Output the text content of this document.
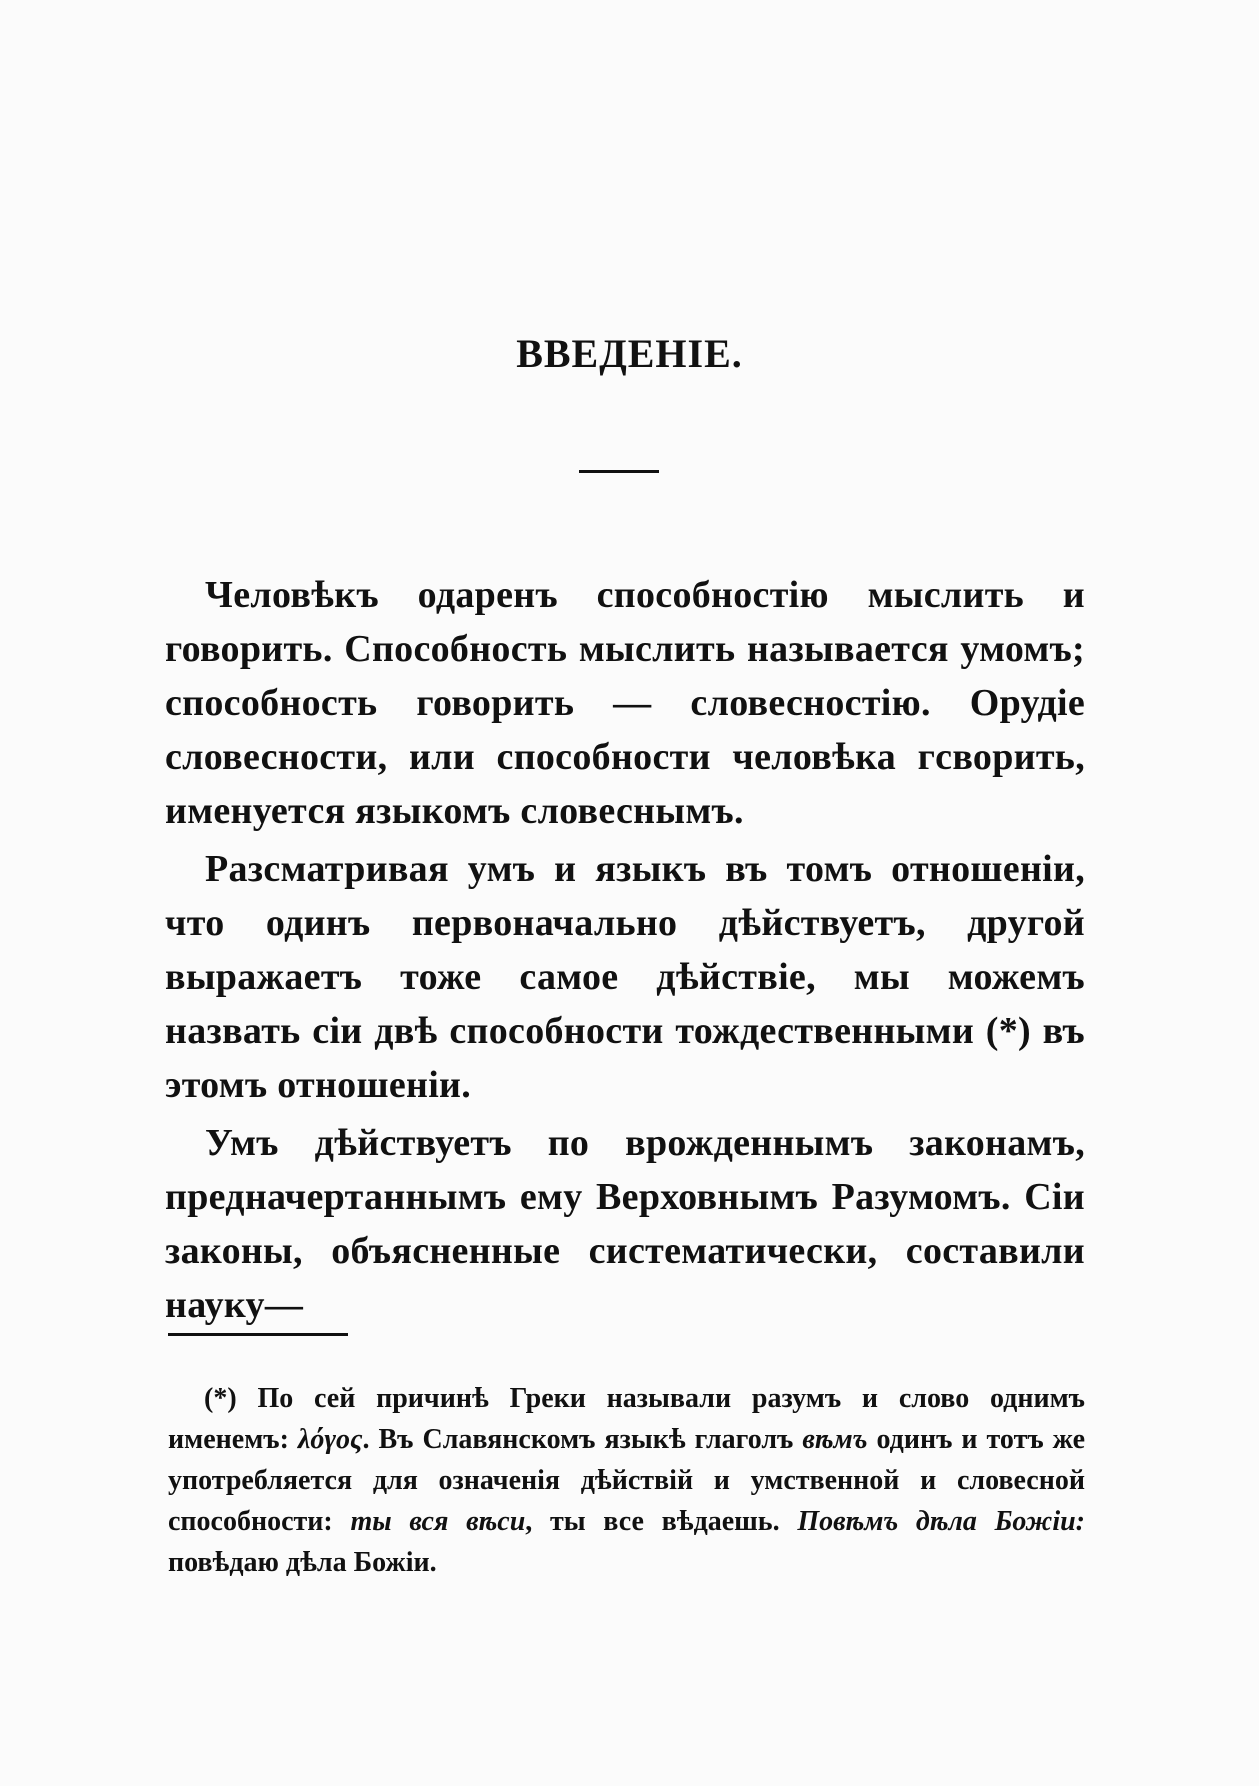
ВВЕДЕНІЕ.

Человѣкъ одаренъ способностію мыслить и говорить. Способность мыслить называется умомъ; способность говорить — словесностію. Орудіе словесности, или способности человѣка гсворить, именуется языкомъ словеснымъ.

Разсматривая умъ и языкъ въ томъ отношеніи, что одинъ первоначально дѣйствуетъ, другой выражаетъ тоже самое дѣйствіе, мы можемъ назвать сіи двѣ способности тождественными (*) въ этомъ отношеніи.

Умъ дѣйствуетъ по врожденнымъ законамъ, предначертаннымъ ему Верховнымъ Разумомъ. Сіи законы, объясненные систематически, составили науку—

(*) По сей причинѣ Греки называли разумъ и слово однимъ именемъ: λόγος. Въ Славянскомъ языкѣ глаголъ вѣмъ одинъ и тотъ же употребляется для означенія дѣйствій и умственной и словесной способности: ты вся вѣси, ты все вѣдаешь. Повѣмъ дѣла Божіи: повѣдаю дѣла Божіи.
